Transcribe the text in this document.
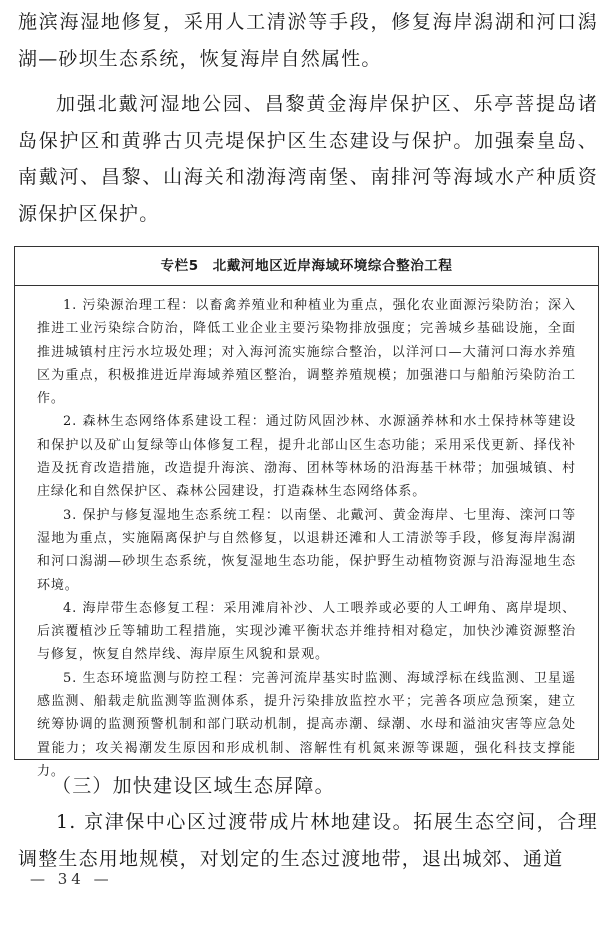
施滨海湿地修复，采用人工清淤等手段，修复海岸潟湖和河口潟湖—砂坝生态系统，恢复海岸自然属性。

加强北戴河湿地公园、昌黎黄金海岸保护区、乐亭菩提岛诸岛保护区和黄骅古贝壳堤保护区生态建设与保护。加强秦皇岛、南戴河、昌黎、山海关和渤海湾南堡、南排河等海域水产种质资源保护区保护。

专栏5　北戴河地区近岸海域环境综合整治工程

1. 污染源治理工程：以畜禽养殖业和种植业为重点，强化农业面源污染防治；深入推进工业污染综合防治，降低工业企业主要污染物排放强度；完善城乡基础设施，全面推进城镇村庄污水垃圾处理；对入海河流实施综合整治，以洋河口—大蒲河口海水养殖区为重点，积极推进近岸海域养殖区整治，调整养殖规模；加强港口与船舶污染防治工作。

2. 森林生态网络体系建设工程：通过防风固沙林、水源涵养林和水土保持林等建设和保护以及矿山复绿等山体修复工程，提升北部山区生态功能；采用采伐更新、择伐补造及抚育改造措施，改造提升海滨、渤海、团林等林场的沿海基干林带；加强城镇、村庄绿化和自然保护区、森林公园建设，打造森林生态网络体系。

3. 保护与修复湿地生态系统工程：以南堡、北戴河、黄金海岸、七里海、滦河口等湿地为重点，实施隔离保护与自然修复，以退耕还滩和人工清淤等手段，修复海岸潟湖和河口潟湖—砂坝生态系统，恢复湿地生态功能，保护野生动植物资源与沿海湿地生态环境。

4. 海岸带生态修复工程：采用滩肩补沙、人工喂养或必要的人工岬角、离岸堤坝、后滨覆植沙丘等辅助工程措施，实现沙滩平衡状态并维持相对稳定，加快沙滩资源整治与修复，恢复自然岸线、海岸原生风貌和景观。

5. 生态环境监测与防控工程：完善河流岸基实时监测、海域浮标在线监测、卫星遥感监测、船载走航监测等监测体系，提升污染排放监控水平；完善各项应急预案，建立统筹协调的监测预警机制和部门联动机制，提高赤潮、绿潮、水母和溢油灾害等应急处置能力；攻关褐潮发生原因和形成机制、溶解性有机氮来源等课题，强化科技支撑能力。

（三）加快建设区域生态屏障。

1. 京津保中心区过渡带成片林地建设。拓展生态空间，合理调整生态用地规模，对划定的生态过渡地带，退出城郊、通道

— 34 —
